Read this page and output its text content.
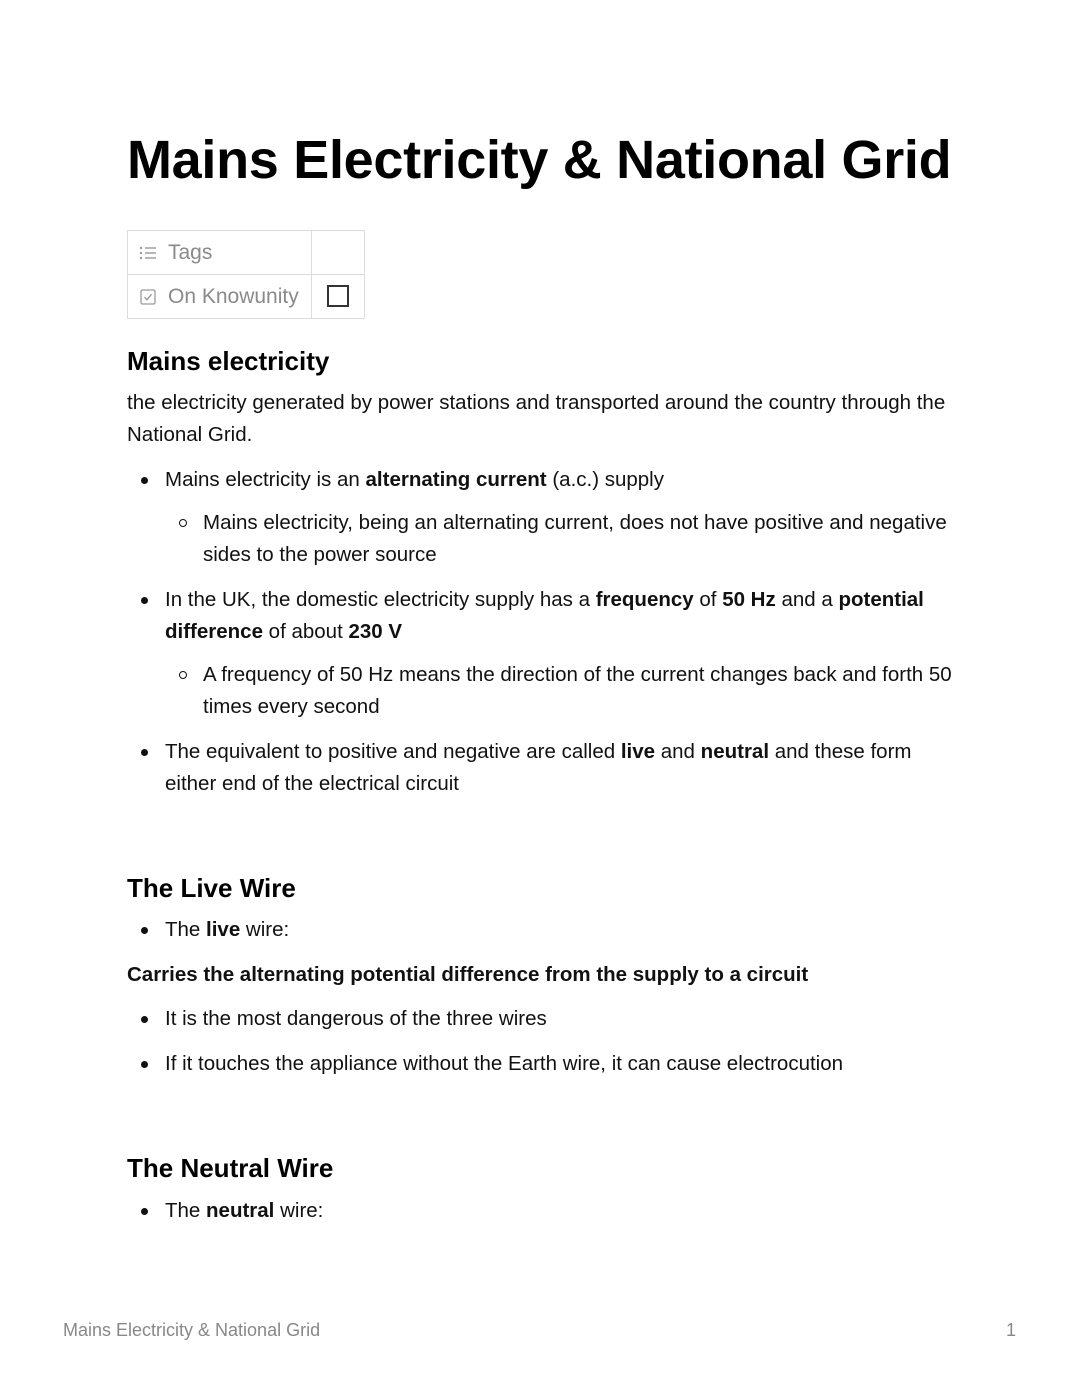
Mains Electricity & National Grid
Tags	

On Knowunity	

Mains electricity

the electricity generated by power stations and transported around the country through the National Grid.

Mains electricity is an alternating current (a.c.) supply

Mains electricity, being an alternating current, does not have positive and negative sides to the power source

In the UK, the domestic electricity supply has a frequency of 50 Hz and a potential difference of about 230 V

A frequency of 50 Hz means the direction of the current changes back and forth 50 times every second

The equivalent to positive and negative are called live and neutral and these form either end of the electrical circuit

The Live Wire

The live wire:

Carries the alternating potential difference from the supply to a circuit

It is the most dangerous of the three wires

If it touches the appliance without the Earth wire, it can cause electrocution

The Neutral Wire

The neutral wire:

Mains Electricity & National Grid	1
